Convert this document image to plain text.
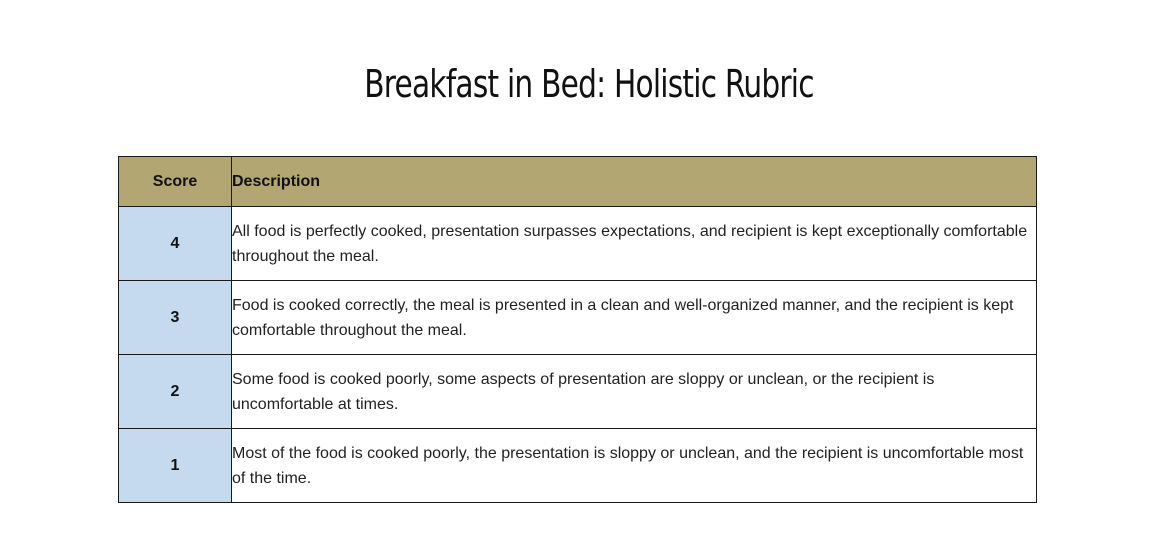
Breakfast in Bed: Holistic Rubric
Score	Description
4	All food is perfectly cooked, presentation surpasses expectations, and recipient is kept exceptionally comfortable throughout the meal.
3	Food is cooked correctly, the meal is presented in a clean and well-organized manner, and the recipient is kept comfortable throughout the meal.
2	Some food is cooked poorly, some aspects of presentation are sloppy or unclean, or the recipient is uncomfortable at times.
1	Most of the food is cooked poorly, the presentation is sloppy or unclean, and the recipient is uncomfortable most of the time.
